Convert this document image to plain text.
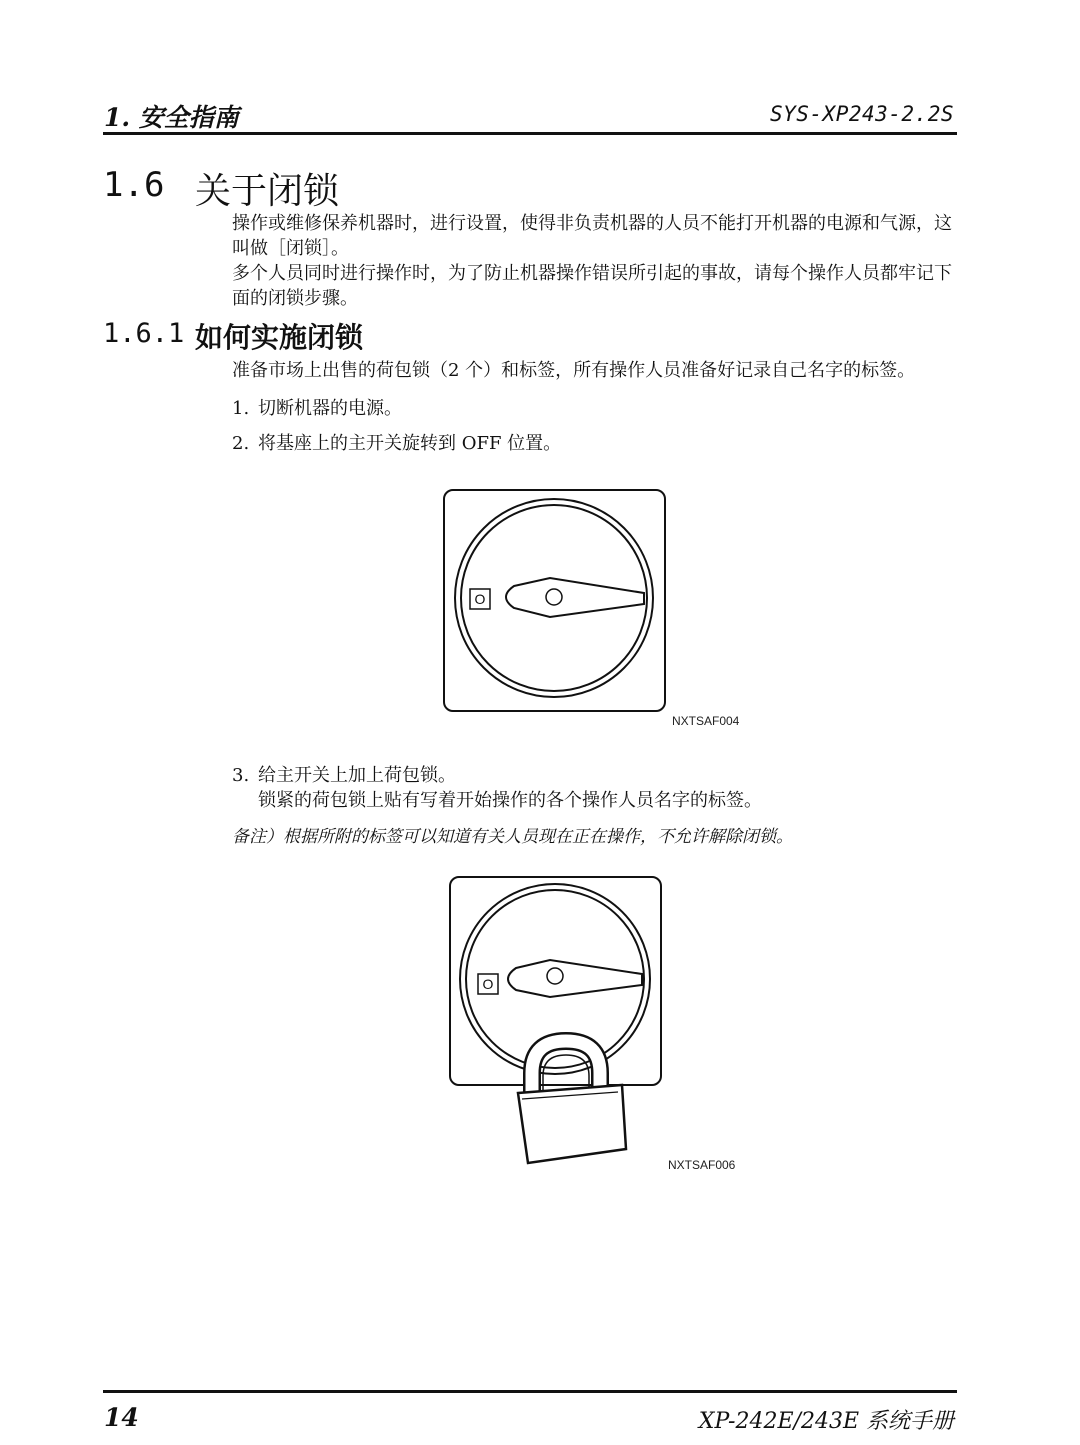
1. 安全指南	SYS-XP243-2.2S
1.6 关于闭锁
操作或维修保养机器时，进行设置，使得非负责机器的人员不能打开机器的电源和气源，这
叫做［闭锁］。
多个人员同时进行操作时，为了防止机器操作错误所引起的事故，请每个操作人员都牢记下
面的闭锁步骤。
1.6.1 如何实施闭锁
准备市场上出售的荷包锁（2 个）和标签，所有操作人员准备好记录自己名字的标签。
1. 切断机器的电源。
2. 将基座上的主开关旋转到 OFF 位置。
O
NXTSAF004
3. 给主开关上加上荷包锁。
锁紧的荷包锁上贴有写着开始操作的各个操作人员名字的标签。
备注）根据所附的标签可以知道有关人员现在正在操作，不允许解除闭锁。
O
NXTSAF006
14	XP-242E/243E 系统手册
